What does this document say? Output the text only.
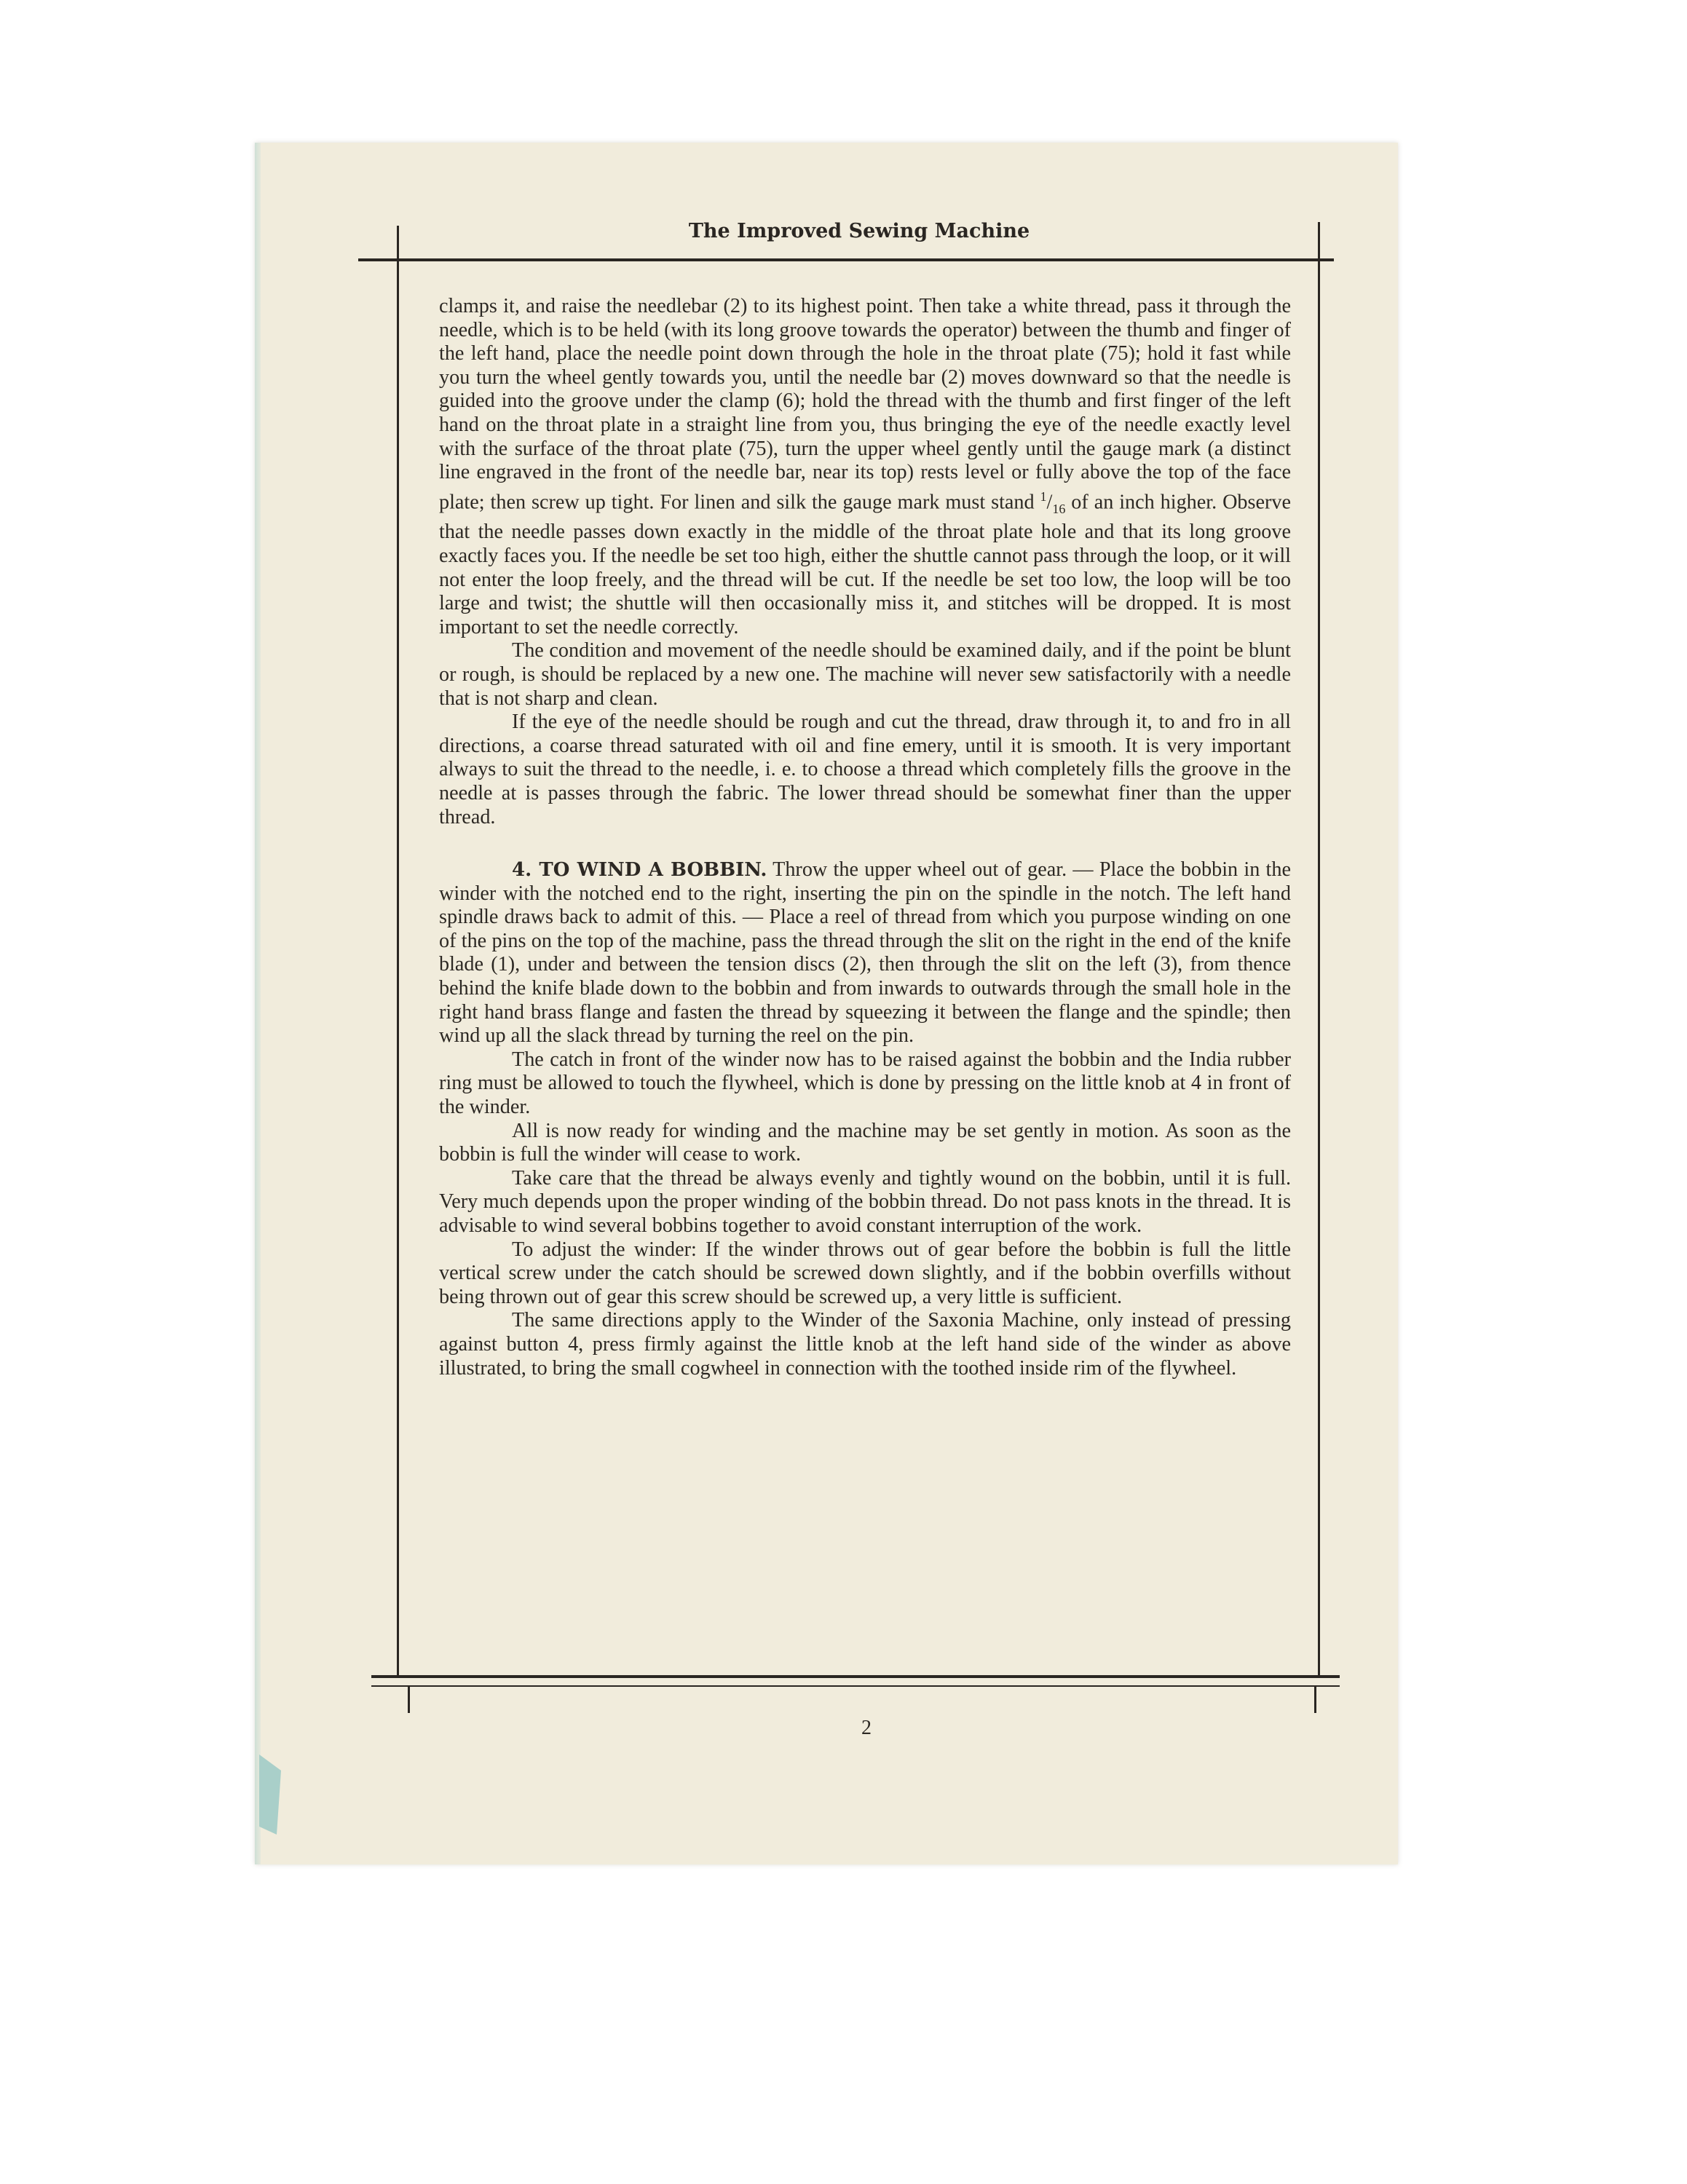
The Improved Sewing Machine

clamps it, and raise the needlebar (2) to its highest point. Then take a white thread, pass it through the needle, which is to be held (with its long groove towards the operator) between the thumb and finger of the left hand, place the needle point down through the hole in the throat plate (75); hold it fast while you turn the wheel gently towards you, until the needle bar (2) moves downward so that the needle is guided into the groove under the clamp (6); hold the thread with the thumb and first finger of the left hand on the throat plate in a straight line from you, thus bringing the eye of the needle exactly level with the surface of the throat plate (75), turn the upper wheel gently until the gauge mark (a distinct line engraved in the front of the needle bar, near its top) rests level or fully above the top of the face plate; then screw up tight. For linen and silk the gauge mark must stand $^1/_{16}$ of an inch higher. Observe that the needle passes down exactly in the middle of the throat plate hole and that its long groove exactly faces you. If the needle be set too high, either the shuttle cannot pass through the loop, or it will not enter the loop freely, and the thread will be cut. If the needle be set too low, the loop will be too large and twist; the shuttle will then occasionally miss it, and stitches will be dropped. It is most important to set the needle correctly.

The condition and movement of the needle should be examined daily, and if the point be blunt or rough, is should be replaced by a new one. The machine will never sew satisfactorily with a needle that is not sharp and clean.

If the eye of the needle should be rough and cut the thread, draw through it, to and fro in all directions, a coarse thread saturated with oil and fine emery, until it is smooth. It is very important always to suit the thread to the needle, i. e. to choose a thread which completely fills the groove in the needle at is passes through the fabric. The lower thread should be somewhat finer than the upper thread.

4. TO WIND A BOBBIN. Throw the upper wheel out of gear. — Place the bobbin in the winder with the notched end to the right, inserting the pin on the spindle in the notch. The left hand spindle draws back to admit of this. — Place a reel of thread from which you purpose winding on one of the pins on the top of the machine, pass the thread through the slit on the right in the end of the knife blade (1), under and between the tension discs (2), then through the slit on the left (3), from thence behind the knife blade down to the bobbin and from inwards to outwards through the small hole in the right hand brass flange and fasten the thread by squeezing it between the flange and the spindle; then wind up all the slack thread by turning the reel on the pin.

The catch in front of the winder now has to be raised against the bobbin and the India rubber ring must be allowed to touch the flywheel, which is done by pressing on the little knob at 4 in front of the winder.

All is now ready for winding and the machine may be set gently in motion. As soon as the bobbin is full the winder will cease to work.

Take care that the thread be always evenly and tightly wound on the bobbin, until it is full. Very much depends upon the proper winding of the bobbin thread. Do not pass knots in the thread. It is advisable to wind several bobbins together to avoid constant interruption of the work.

To adjust the winder: If the winder throws out of gear before the bobbin is full the little vertical screw under the catch should be screwed down slightly, and if the bobbin overfills without being thrown out of gear this screw should be screwed up, a very little is sufficient.

The same directions apply to the Winder of the Saxonia Machine, only instead of pressing against button 4, press firmly against the little knob at the left hand side of the winder as above illustrated, to bring the small cogwheel in connection with the toothed inside rim of the flywheel.

2
